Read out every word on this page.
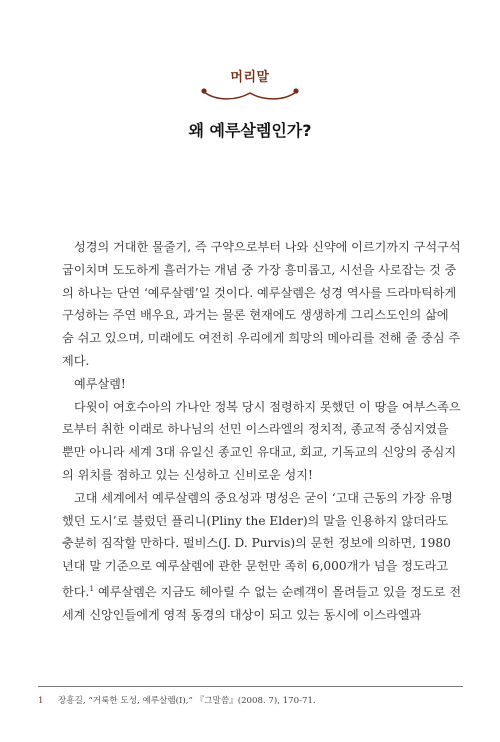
머리말
왜 예루살렘인가?

성경의 거대한 물줄기, 즉 구약으로부터 나와 신약에 이르기까지 구석구석 굽이치며 도도하게 흘러가는 개념 중 가장 흥미롭고, 시선을 사로잡는 것 중의 하나는 단연 ‘예루살렘’일 것이다. 예루살렘은 성경 역사를 드라마틱하게 구성하는 주연 배우요, 과거는 물론 현재에도 생생하게 그리스도인의 삶에 숨 쉬고 있으며, 미래에도 여전히 우리에게 희망의 메아리를 전해 줄 중심 주제다.

예루살렘!

다윗이 여호수아의 가나안 정복 당시 점령하지 못했던 이 땅을 여부스족으로부터 취한 이래로 하나님의 선민 이스라엘의 정치적, 종교적 중심지였을 뿐만 아니라 세계 3대 유일신 종교인 유대교, 회교, 기독교의 신앙의 중심지의 위치를 점하고 있는 신성하고 신비로운 성지!

고대 세계에서 예루살렘의 중요성과 명성은 굳이 ‘고대 근동의 가장 유명했던 도시’로 불렀던 플리니(Pliny the Elder)의 말을 인용하지 않더라도 충분히 짐작할 만하다. 펄비스(J. D. Purvis)의 문헌 정보에 의하면, 1980년대 말 기준으로 예루살렘에 관한 문헌만 족히 6,000개가 넘을 정도라고 한다.$^1$ 예루살렘은 지금도 헤아릴 수 없는 순례객이 몰려들고 있을 정도로 전 세계 신앙인들에게 영적 동경의 대상이 되고 있는 동시에 이스라엘과

1 장흥길, “거룩한 도성, 예루살렘(I),” 『그말씀』(2008. 7), 170-71.
